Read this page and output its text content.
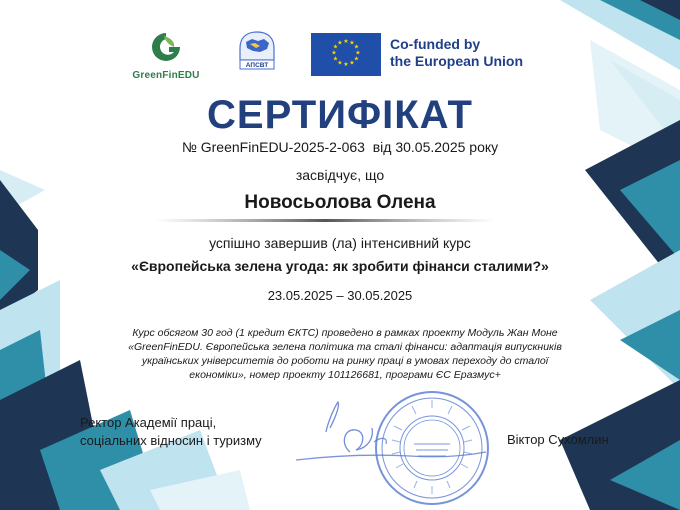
GreenFinEDU
АПСВТ
★ ★
★
★
★
★
★
★
★
★
★
★	Co-funded by
the European Union
СЕРТИФІКАТ
№ GreenFinEDU-2025-2-063  від 30.05.2025 року
засвідчує, що
Новосьолова Олена
успішно завершив (ла) інтенсивний курс
«Європейська зелена угода: як зробити фінанси сталими?»
23.05.2025 – 30.05.2025
Курс обсягом 30 год (1 кредит ЄКТС) проведено в рамках проекту Модуль Жан Моне
«GreenFinEDU. Європейська зелена політика та сталі фінанси: адаптація випускників
українських університетів до роботи на ринку праці в умовах переходу до сталої
економіки», номер проекту 101126681, програми ЄС Еразмус+
Ректор Академії праці,
соціальних відносин і туризму	Віктор Сухомлин
